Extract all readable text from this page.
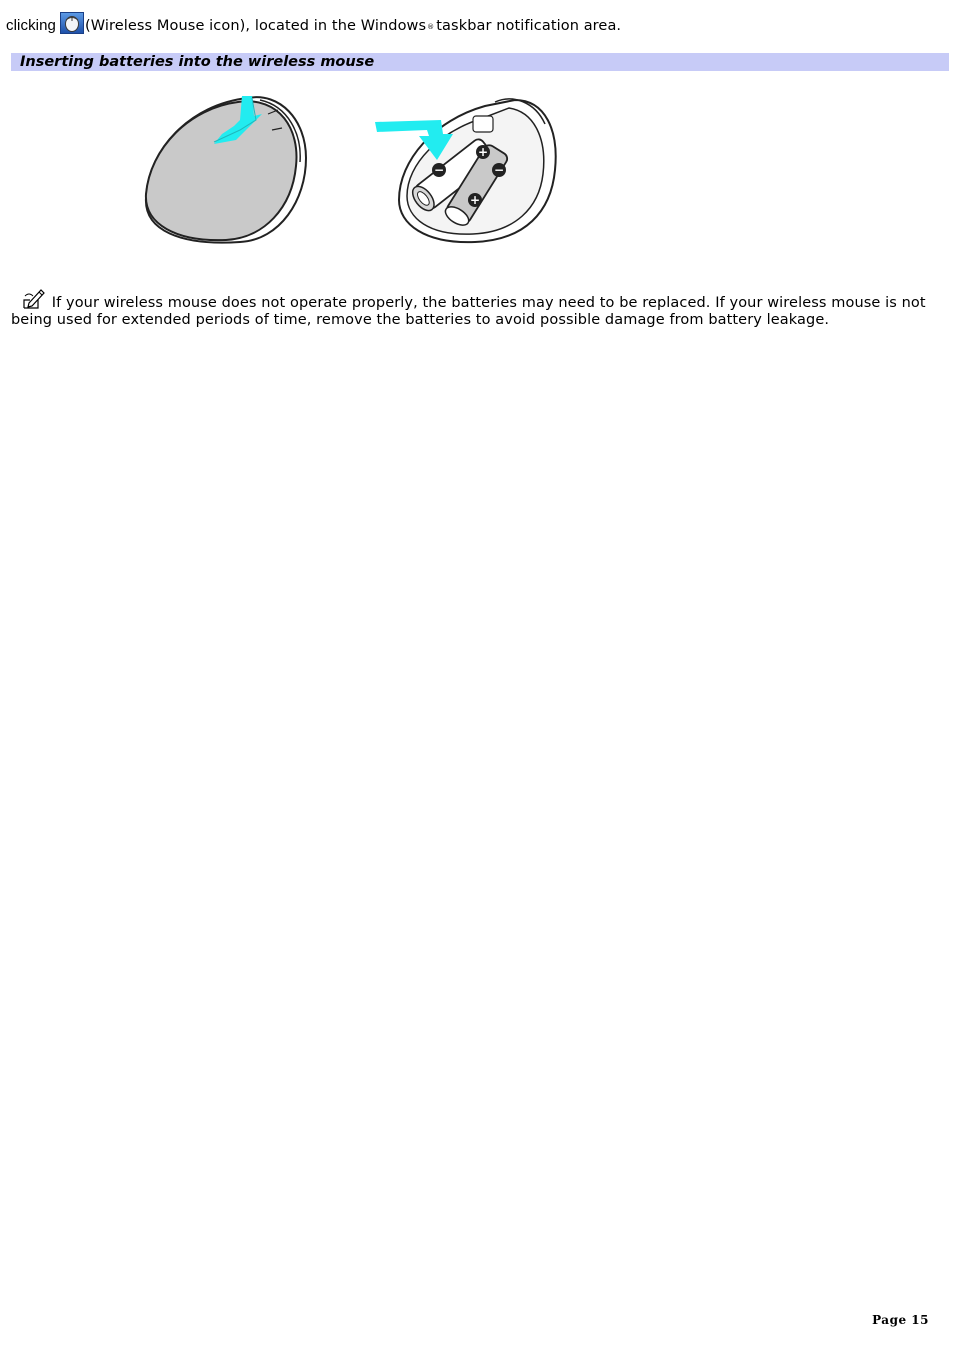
clicking (Wireless Mouse icon), located in the Windows® taskbar notification area.
Inserting batteries into the wireless mouse
−
+
−
+
If your wireless mouse does not operate properly, the batteries may need to be replaced. If your wireless mouse is not being used for extended periods of time, remove the batteries to avoid possible damage from battery leakage.
Page 15
